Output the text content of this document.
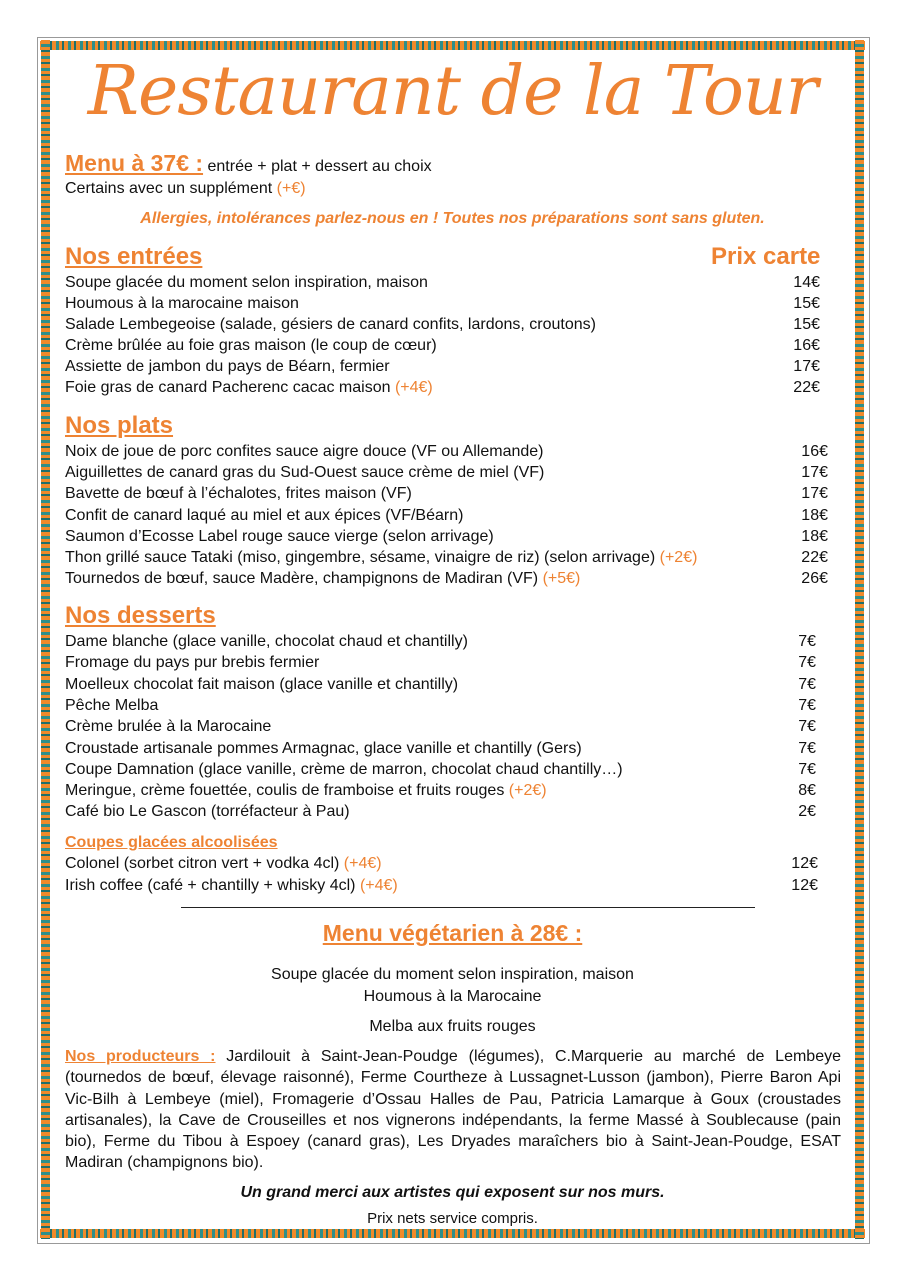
Restaurant de la Tour
Menu à 37€ : entrée + plat + dessert au choix
Certains avec un supplément (+€)
Allergies, intolérances parlez-nous en ! Toutes nos préparations sont sans gluten.
Nos entrées	Prix carte
Soupe glacée du moment selon inspiration, maison	14€
Houmous à la marocaine maison	15€
Salade Lembegeoise (salade, gésiers de canard confits, lardons, croutons)	15€
Crème brûlée au foie gras maison (le coup de cœur)	16€
Assiette de jambon du pays de Béarn, fermier	17€
Foie gras de canard Pacherenc cacac maison (+4€)	22€
Nos plats
Noix de joue de porc confites sauce aigre douce (VF ou Allemande)	16€
Aiguillettes de canard gras du Sud-Ouest sauce crème de miel (VF)	17€
Bavette de bœuf à l’échalotes, frites maison (VF)	17€
Confit de canard laqué au miel et aux épices (VF/Béarn)	18€
Saumon d’Ecosse Label rouge sauce vierge (selon arrivage)	18€
Thon grillé sauce Tataki (miso, gingembre, sésame, vinaigre de riz) (selon arrivage) (+2€)	22€
Tournedos de bœuf, sauce Madère, champignons de Madiran (VF) (+5€)	26€
Nos desserts
Dame blanche (glace vanille, chocolat chaud et chantilly)	7€
Fromage du pays pur brebis fermier	7€
Moelleux chocolat fait maison (glace vanille et chantilly)	7€
Pêche Melba	7€
Crème brulée à la Marocaine	7€
Croustade artisanale pommes Armagnac, glace vanille et chantilly (Gers)	7€
Coupe Damnation (glace vanille, crème de marron, chocolat chaud chantilly…)	7€
Meringue, crème fouettée, coulis de framboise et fruits rouges (+2€)	8€
Café bio Le Gascon (torréfacteur à Pau)	2€
Coupes glacées alcoolisées
Colonel (sorbet citron vert + vodka 4cl) (+4€)	12€
Irish coffee (café + chantilly + whisky 4cl) (+4€)	12€
Menu végétarien à 28€ :
Soupe glacée du moment selon inspiration, maison
Houmous à la Marocaine
Melba aux fruits rouges
Nos producteurs : Jardilouit à Saint-Jean-Poudge (légumes), C.Marquerie au marché de Lembeye (tournedos de bœuf, élevage raisonné), Ferme Courtheze à Lussagnet-Lusson (jambon), Pierre Baron Api Vic-Bilh à Lembeye (miel), Fromagerie d’Ossau Halles de Pau, Patricia Lamarque à Goux (croustades artisanales), la Cave de Crouseilles et nos vignerons indépendants, la ferme Massé à Soublecause (pain bio), Ferme du Tibou à Espoey (canard gras), Les Dryades maraîchers bio à Saint-Jean-Poudge, ESAT Madiran (champignons bio).
Un grand merci aux artistes qui exposent sur nos murs.
Prix nets service compris.
